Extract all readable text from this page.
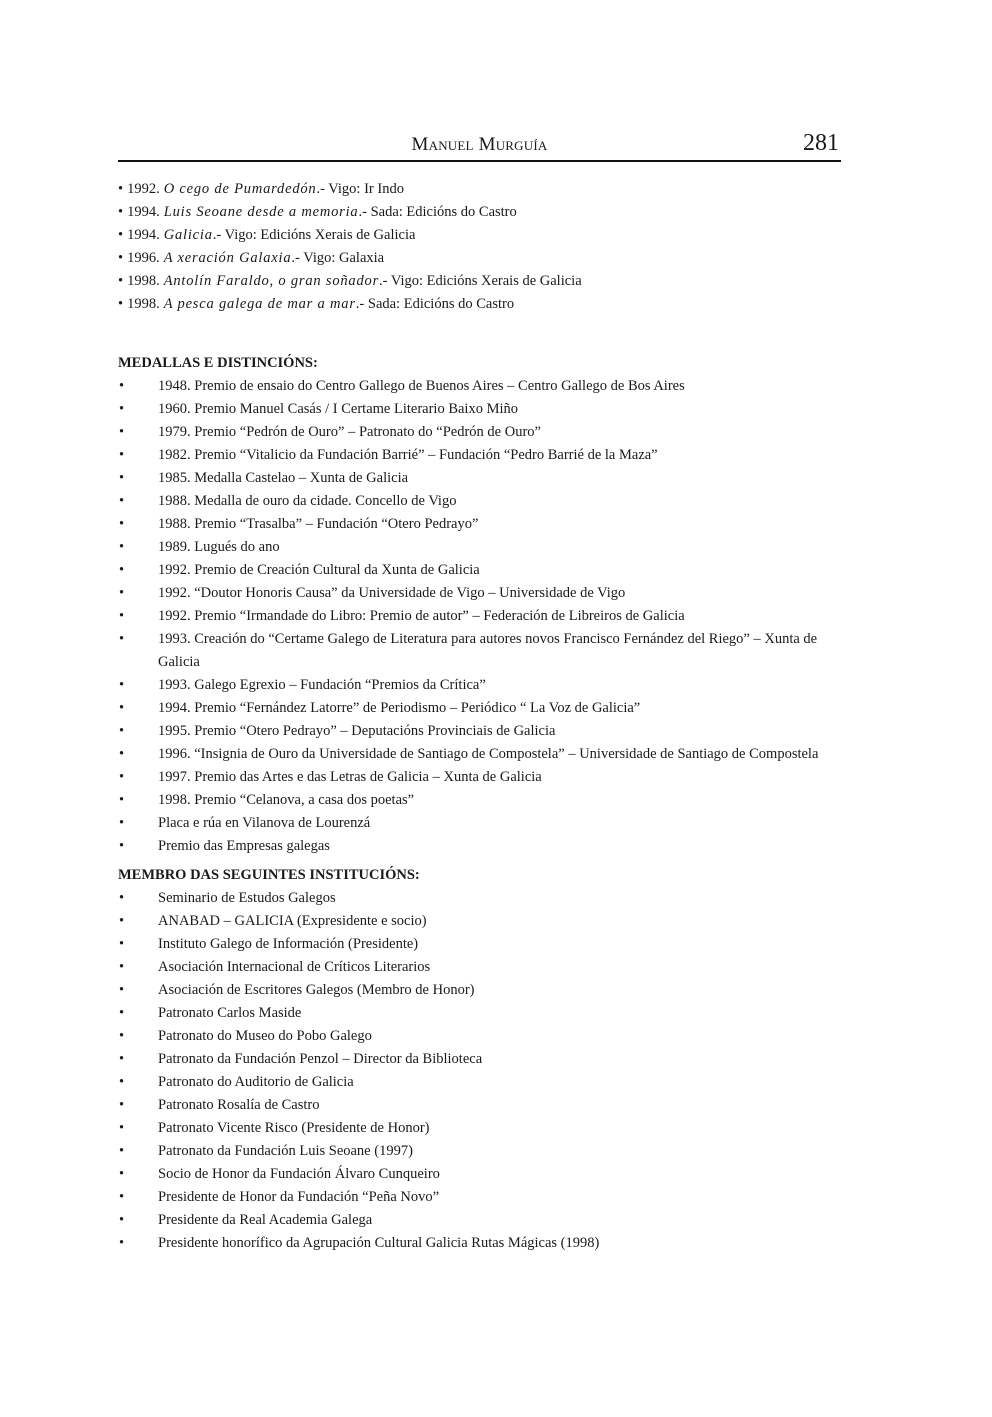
Manuel Murguía	281
• 1992. O cego de Pumardedón.- Vigo: Ir Indo
• 1994. Luis Seoane desde a memoria.- Sada: Edicións do Castro
• 1994. Galicia.- Vigo: Edicións Xerais de Galicia
• 1996. A xeración Galaxia.- Vigo: Galaxia
• 1998. Antolín Faraldo, o gran soñador.- Vigo: Edicións Xerais de Galicia
• 1998. A pesca galega de mar a mar.- Sada: Edicións do Castro
MEDALLAS E DISTINCIÓNS:
• 1948. Premio de ensaio do Centro Gallego de Buenos Aires – Centro Gallego de Bos Aires
• 1960. Premio Manuel Casás / I Certame Literario Baixo Miño
• 1979. Premio “Pedrón de Ouro” – Patronato do “Pedrón de Ouro”
• 1982. Premio “Vitalicio da Fundación Barrié” – Fundación “Pedro Barrié de la Maza”
• 1985. Medalla Castelao – Xunta de Galicia
• 1988. Medalla de ouro da cidade. Concello de Vigo
• 1988. Premio “Trasalba” – Fundación “Otero Pedrayo”
• 1989. Lugués do ano
• 1992. Premio de Creación Cultural da Xunta de Galicia
• 1992. “Doutor Honoris Causa” da Universidade de Vigo – Universidade de Vigo
• 1992. Premio “Irmandade do Libro: Premio de autor” – Federación de Libreiros de Galicia
• 1993. Creación do “Certame Galego de Literatura para autores novos Francisco Fernández del Riego” – Xunta de Galicia
• 1993. Galego Egrexio – Fundación “Premios da Crítica”
• 1994. Premio “Fernández Latorre” de Periodismo – Periódico “ La Voz de Galicia”
• 1995. Premio “Otero Pedrayo” – Deputacións Provinciais de Galicia
• 1996. “Insignia de Ouro da Universidade de Santiago de Compostela” – Universidade de Santiago de Compostela
• 1997. Premio das Artes e das Letras de Galicia – Xunta de Galicia
• 1998. Premio “Celanova, a casa dos poetas”
• Placa e rúa en Vilanova de Lourenzá
• Premio das Empresas galegas
MEMBRO DAS SEGUINTES INSTITUCIÓNS:
• Seminario de Estudos Galegos
• ANABAD – GALICIA (Expresidente e socio)
• Instituto Galego de Información (Presidente)
• Asociación Internacional de Críticos Literarios
• Asociación de Escritores Galegos (Membro de Honor)
• Patronato Carlos Maside
• Patronato do Museo do Pobo Galego
• Patronato da Fundación Penzol – Director da Biblioteca
• Patronato do Auditorio de Galicia
• Patronato Rosalía de Castro
• Patronato Vicente Risco (Presidente de Honor)
• Patronato da Fundación Luis Seoane (1997)
• Socio de Honor da Fundación Álvaro Cunqueiro
• Presidente de Honor da Fundación “Peña Novo”
• Presidente da Real Academia Galega
• Presidente honorífico da Agrupación Cultural Galicia Rutas Mágicas (1998)
